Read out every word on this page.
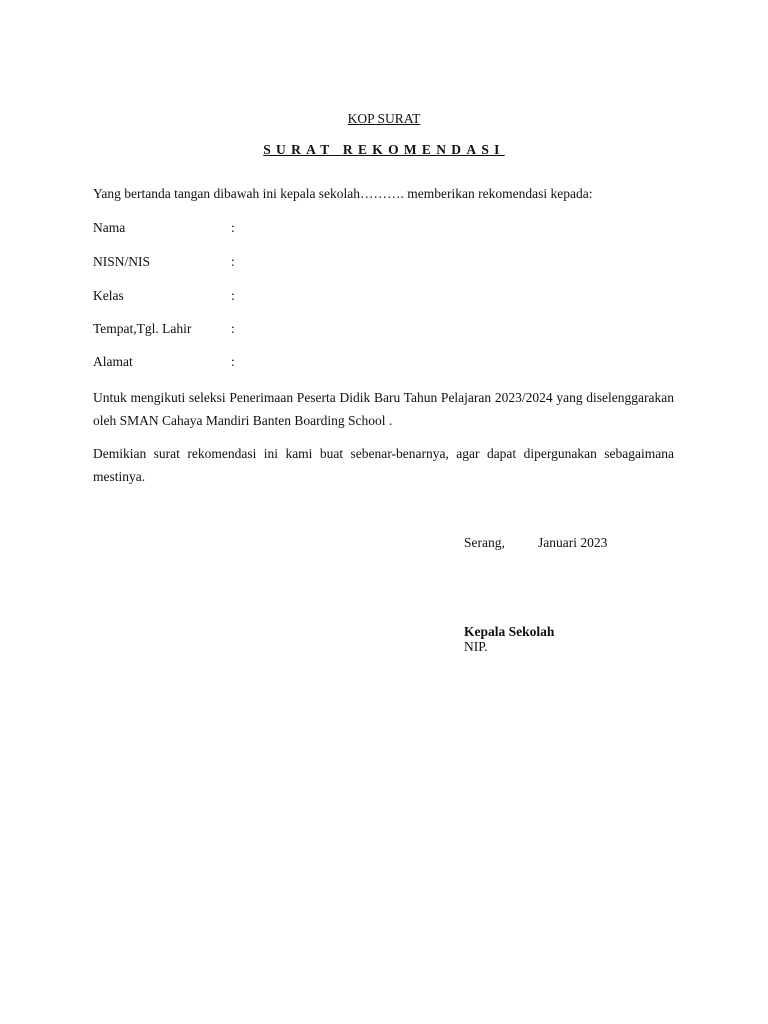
KOP SURAT
SURAT REKOMENDASI
Yang bertanda tangan dibawah ini kepala sekolah………. memberikan rekomendasi kepada:
Nama	:
NISN/NIS	:
Kelas	:
Tempat,Tgl. Lahir	:
Alamat	:
Untuk mengikuti seleksi Penerimaan Peserta Didik Baru Tahun Pelajaran 2023/2024 yang diselenggarakan oleh SMAN Cahaya Mandiri Banten Boarding School .
Demikian surat rekomendasi ini kami buat sebenar-benarnya, agar dapat dipergunakan sebagaimana mestinya.
Serang, Januari 2023
Kepala Sekolah
NIP.
